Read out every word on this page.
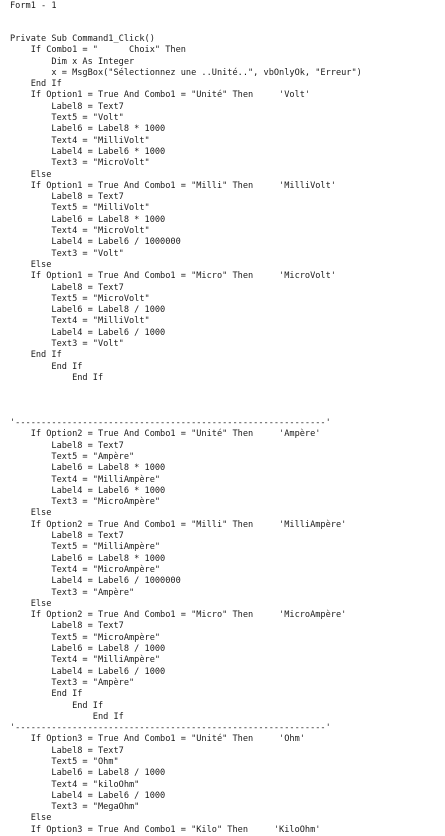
Form1 - 1
Private Sub Command1_Click()
If Combo1 = "      Choix" Then
Dim x As Integer
x = MsgBox("Sélectionnez une ..Unité..", vbOnlyOk, "Erreur")
End If
If Option1 = True And Combo1 = "Unité" Then     'Volt'
Label8 = Text7
Text5 = "Volt"
Label6 = Label8 * 1000
Text4 = "MilliVolt"
Label4 = Label6 * 1000
Text3 = "MicroVolt"
Else
If Option1 = True And Combo1 = "Milli" Then     'MilliVolt'
Label8 = Text7
Text5 = "MilliVolt"
Label6 = Label8 * 1000
Text4 = "MicroVolt"
Label4 = Label6 / 1000000
Text3 = "Volt"
Else
If Option1 = True And Combo1 = "Micro" Then     'MicroVolt'
Label8 = Text7
Text5 = "MicroVolt"
Label6 = Label8 / 1000
Text4 = "MilliVolt"
Label4 = Label6 / 1000
Text3 = "Volt"
End If
End If
End If
'------------------------------------------------------------'
If Option2 = True And Combo1 = "Unité" Then     'Ampère'
Label8 = Text7
Text5 = "Ampère"
Label6 = Label8 * 1000
Text4 = "MilliAmpère"
Label4 = Label6 * 1000
Text3 = "MicroAmpère"
Else
If Option2 = True And Combo1 = "Milli" Then     'MilliAmpère'
Label8 = Text7
Text5 = "MilliAmpère"
Label6 = Label8 * 1000
Text4 = "MicroAmpère"
Label4 = Label6 / 1000000
Text3 = "Ampère"
Else
If Option2 = True And Combo1 = "Micro" Then     'MicroAmpère'
Label8 = Text7
Text5 = "MicroAmpère"
Label6 = Label8 / 1000
Text4 = "MilliAmpère"
Label4 = Label6 / 1000
Text3 = "Ampère"
End If
End If
End If
'------------------------------------------------------------'
If Option3 = True And Combo1 = "Unité" Then     'Ohm'
Label8 = Text7
Text5 = "Ohm"
Label6 = Label8 / 1000
Text4 = "kiloOhm"
Label4 = Label6 / 1000
Text3 = "MegaOhm"
Else
If Option3 = True And Combo1 = "Kilo" Then     'KiloOhm'
